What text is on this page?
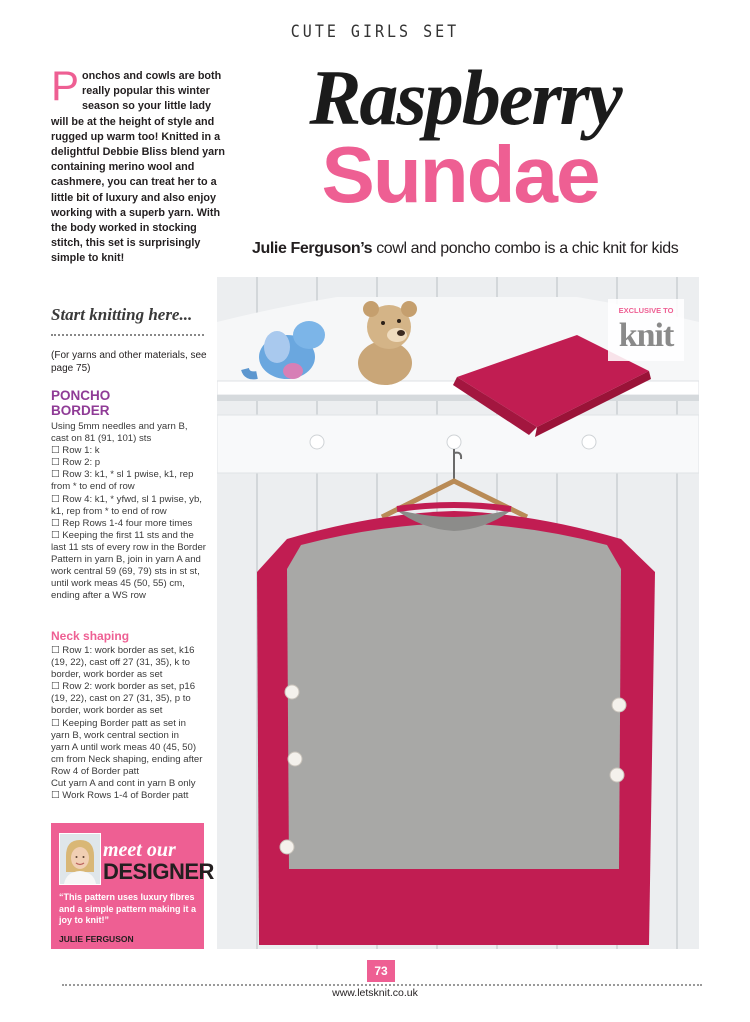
CUTE GIRLS SET
Raspberry
Sundae
Julie Ferguson’s cowl and poncho combo is a chic knit for kids
Ponchos and cowls are both really popular this winter season so your little lady will be at the height of style and rugged up warm too! Knitted in a delightful Debbie Bliss blend yarn containing merino wool and cashmere, you can treat her to a little bit of luxury and also enjoy working with a superb yarn. With the body worked in stocking stitch, this set is surprisingly simple to knit!
Start knitting here...
(For yarns and other materials, see page 75)
PONCHO
BORDER
Using 5mm needles and yarn B,
cast on 81 (91, 101) sts
☐ Row 1: k
☐ Row 2: p
☐ Row 3: k1, * sl 1 pwise, k1, rep
from * to end of row
☐ Row 4: k1, * yfwd, sl 1 pwise, yb,
k1, rep from * to end of row
☐ Rep Rows 1-4 four more times
☐ Keeping the first 11 sts and the
last 11 sts of every row in the Border
Pattern in yarn B, join in yarn A and
work central 59 (69, 79) sts in st st,
until work meas 45 (50, 55) cm,
ending after a WS row
Neck shaping
☐ Row 1: work border as set, k16
(19, 22), cast off 27 (31, 35), k to
border, work border as set
☐ Row 2: work border as set, p16
(19, 22), cast on 27 (31, 35), p to
border, work border as set
☐ Keeping Border patt as set in
yarn B, work central section in
yarn A until work meas 40 (45, 50)
cm from Neck shaping, ending after
Row 4 of Border patt
Cut yarn A and cont in yarn B only
☐ Work Rows 1-4 of Border patt
meet our
DESIGNER
“This pattern uses luxury fibres and a simple pattern making it a joy to knit!”
JULIE FERGUSON
EXCLUSIVE TO
knit
73
www.letsknit.co.uk
